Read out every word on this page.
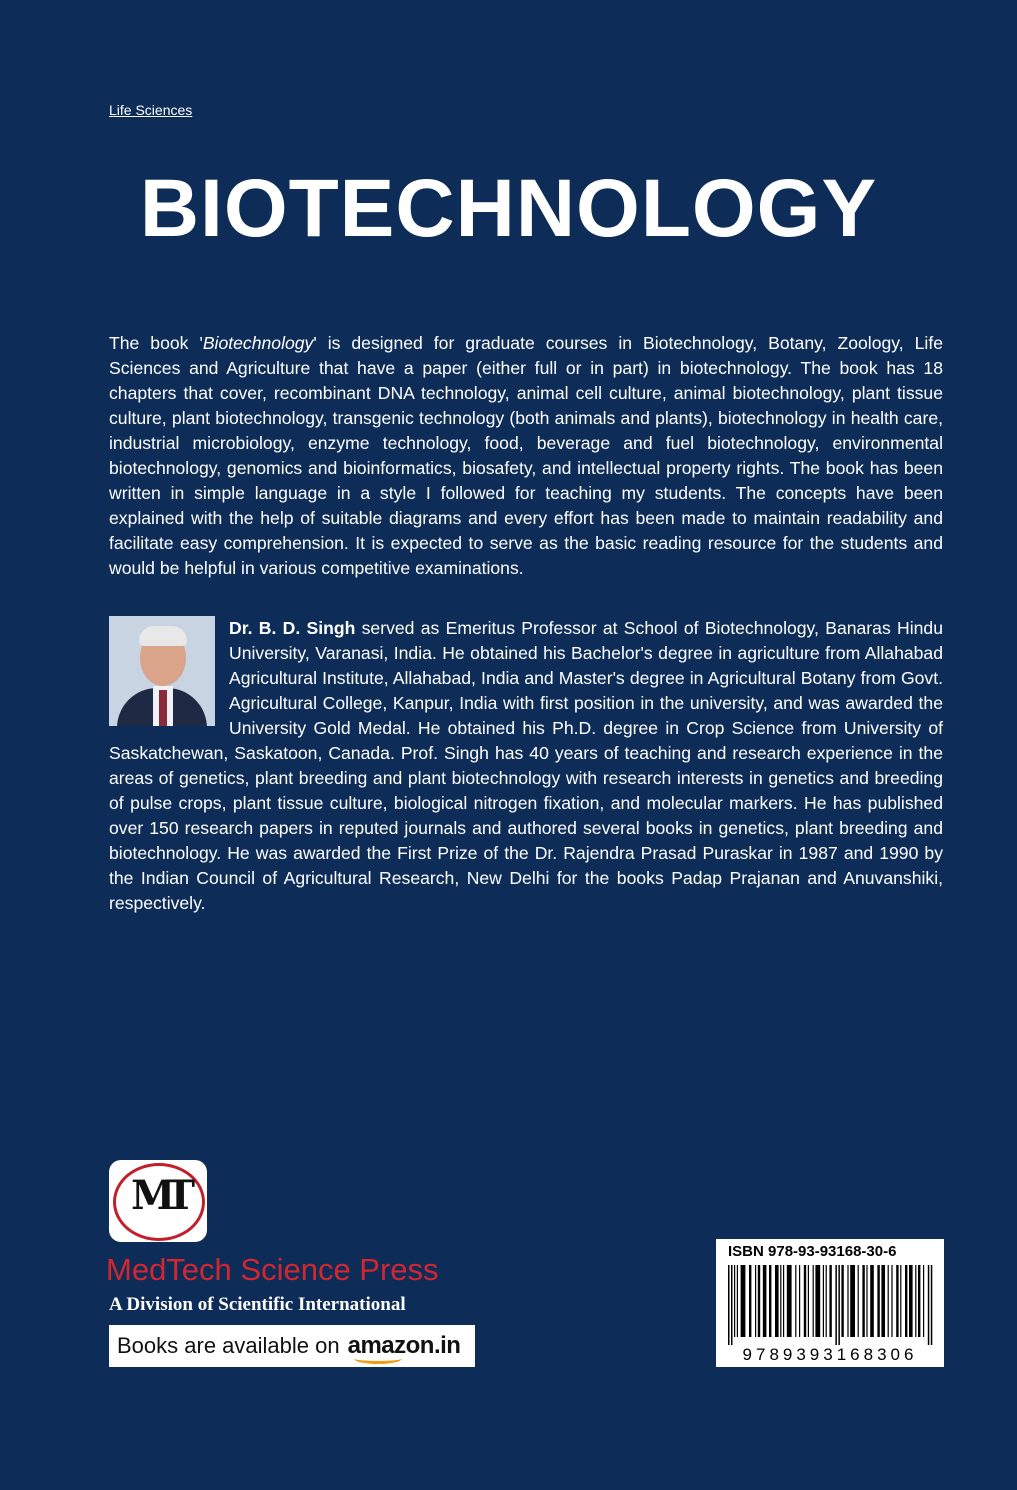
Life Sciences
BIOTECHNOLOGY

The book 'Biotechnology' is designed for graduate courses in Biotechnology, Botany, Zoology, Life Sciences and Agriculture that have a paper (either full or in part) in biotechnology. The book has 18 chapters that cover, recombinant DNA technology, animal cell culture, animal biotechnology, plant tissue culture, plant biotechnology, transgenic technology (both animals and plants), biotechnology in health care, industrial microbiology, enzyme technology, food, beverage and fuel biotechnology, environmental biotechnology, genomics and bioinformatics, biosafety, and intellectual property rights. The book has been written in simple language in a style I followed for teaching my students. The concepts have been explained with the help of suitable diagrams and every effort has been made to maintain readability and facilitate easy comprehension. It is expected to serve as the basic reading resource for the students and would be helpful in various competitive examinations.

Dr. B. D. Singh served as Emeritus Professor at School of Biotechnology, Banaras Hindu University, Varanasi, India. He obtained his Bachelor's degree in agriculture from Allahabad Agricultural Institute, Allahabad, India and Master's degree in Agricultural Botany from Govt. Agricultural College, Kanpur, India with first position in the university, and was awarded the University Gold Medal. He obtained his Ph.D. degree in Crop Science from University of Saskatchewan, Saskatoon, Canada. Prof. Singh has 40 years of teaching and research experience in the areas of genetics, plant breeding and plant biotechnology with research interests in genetics and breeding of pulse crops, plant tissue culture, biological nitrogen fixation, and molecular markers. He has published over 150 research papers in reputed journals and authored several books in genetics, plant breeding and biotechnology. He was awarded the First Prize of the Dr. Rajendra Prasad Puraskar in 1987 and 1990 by the Indian Council of Agricultural Research, New Delhi for the books Padap Prajanan and Anuvanshiki, respectively.
MT
MedTech Science Press
A Division of Scientific International
Books are available on amazon.in
ISBN 978-93-93168-30-6
9789393168306
